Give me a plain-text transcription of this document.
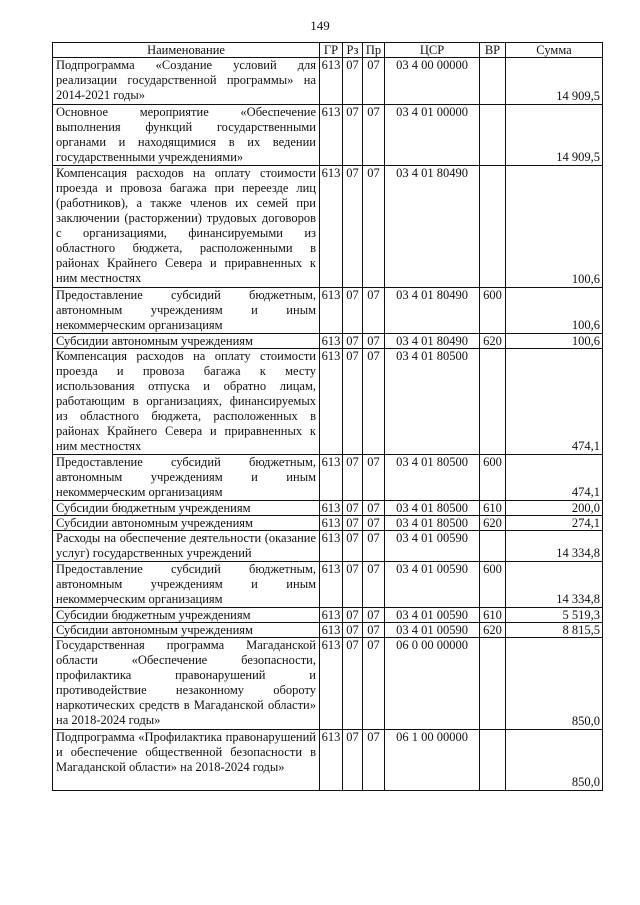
149
Наименование	ГР	Рз	Пр	ЦСР	ВР	Сумма
Подпрограмма «Создание условий для реализации государственной программы» на 2014-2021 годы»	613	07	07	03 4 00 00000		14 909,5
Основное мероприятие «Обеспечение выполнения функций государственными органами и находящимися в их ведении государственными учреждениями»	613	07	07	03 4 01 00000		14 909,5
Компенсация расходов на оплату стоимости проезда и провоза багажа при переезде лиц (работников), а также членов их семей при заключении (расторжении) трудовых договоров с организациями, финансируемыми из областного бюджета, расположенными в районах Крайнего Севера и приравненных к ним местностях	613	07	07	03 4 01 80490		100,6
Предоставление субсидий бюджетным, автономным учреждениям и иным некоммерческим организациям	613	07	07	03 4 01 80490	600	100,6
Субсидии автономным учреждениям	613	07	07	03 4 01 80490	620	100,6
Компенсация расходов на оплату стоимости проезда и провоза багажа к месту использования отпуска и обратно лицам, работающим в организациях, финансируемых из областного бюджета, расположенных в районах Крайнего Севера и приравненных к ним местностях	613	07	07	03 4 01 80500		474,1
Предоставление субсидий бюджетным, автономным учреждениям и иным некоммерческим организациям	613	07	07	03 4 01 80500	600	474,1
Субсидии бюджетным учреждениям	613	07	07	03 4 01 80500	610	200,0
Субсидии автономным учреждениям	613	07	07	03 4 01 80500	620	274,1
Расходы на обеспечение деятельности (оказание услуг) государственных учреждений	613	07	07	03 4 01 00590		14 334,8
Предоставление субсидий бюджетным, автономным учреждениям и иным некоммерческим организациям	613	07	07	03 4 01 00590	600	14 334,8
Субсидии бюджетным учреждениям	613	07	07	03 4 01 00590	610	5 519,3
Субсидии автономным учреждениям	613	07	07	03 4 01 00590	620	8 815,5
Государственная программа Магаданской области «Обеспечение безопасности, профилактика правонарушений и противодействие незаконному обороту наркотических средств в Магаданской области» на 2018-2024 годы»	613	07	07	06 0 00 00000		850,0
Подпрограмма «Профилактика правонарушений и обеспечение общественной безопасности в Магаданской области» на 2018-2024 годы»	613	07	07	06 1 00 00000		850,0
